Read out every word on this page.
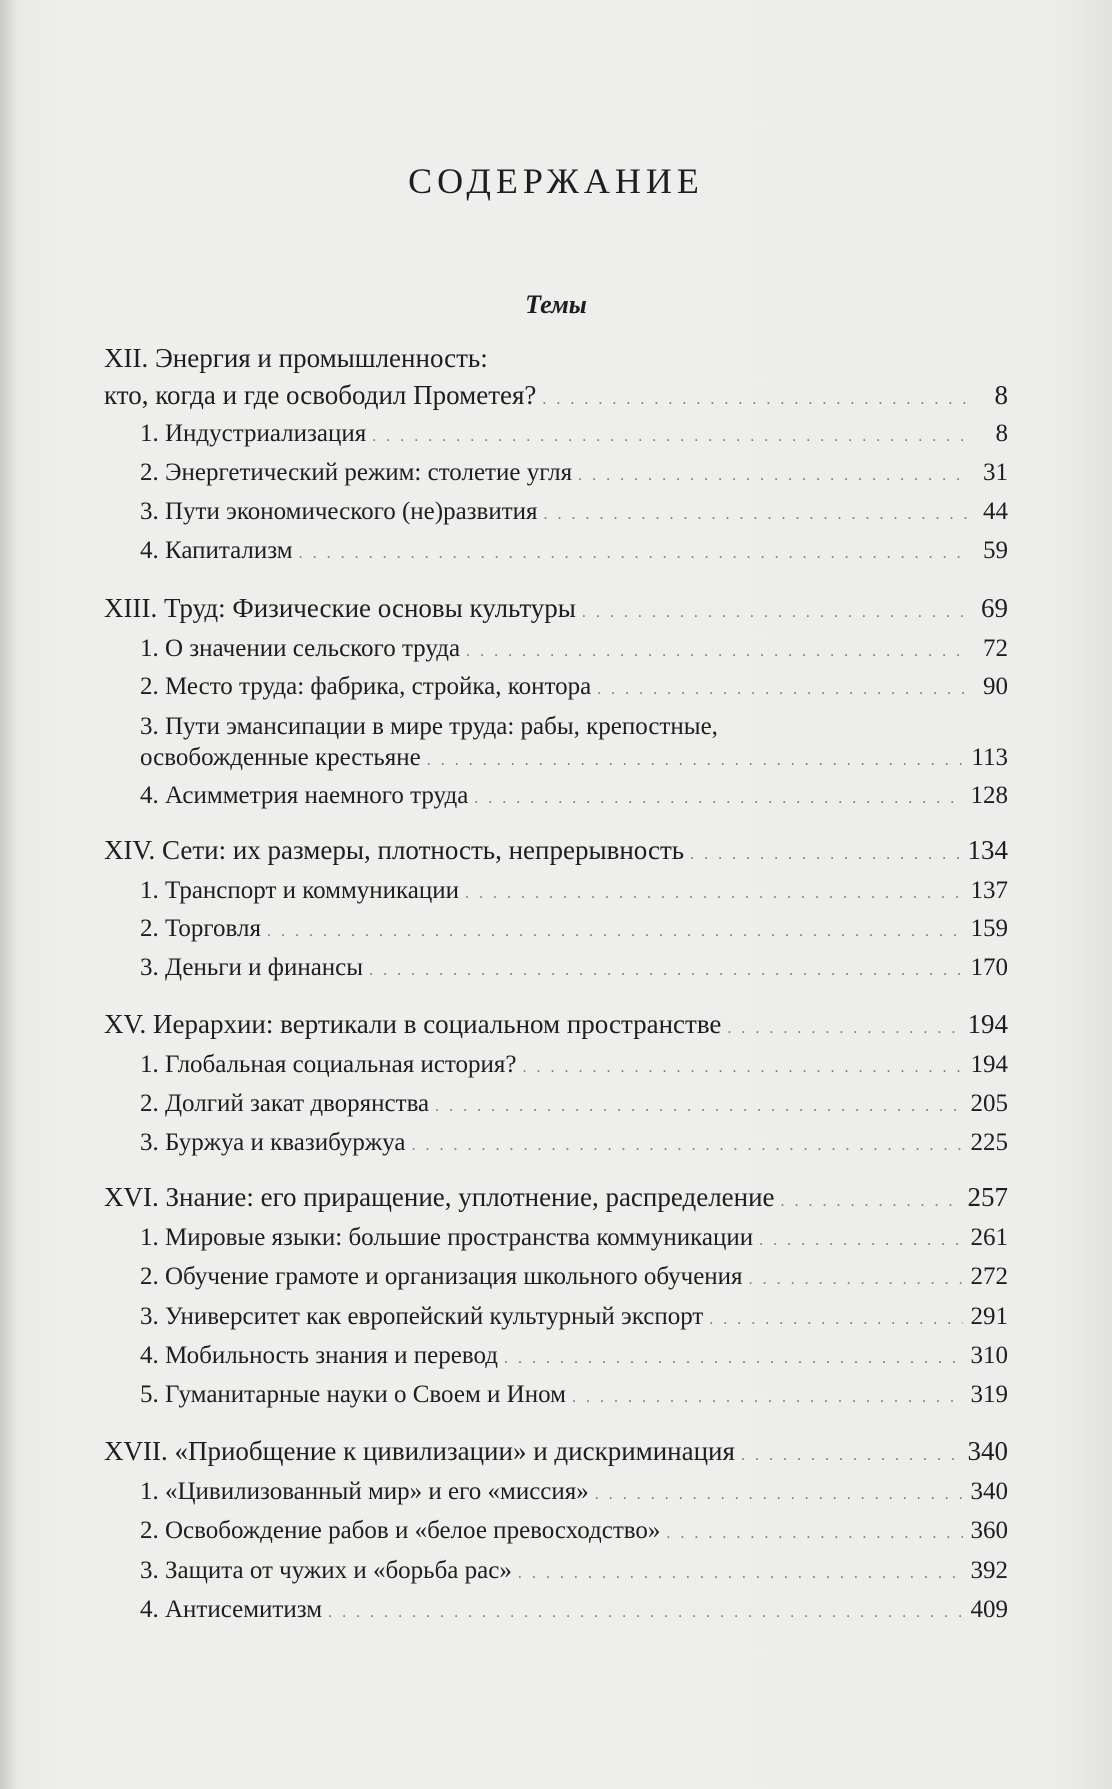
СОДЕРЖАНИЕ
Темы
XII. Энергия и промышленность:
кто, когда и где освободил Прометея? . . .	8
1. Индустриализация . . .	8
2. Энергетический режим: столетие угля . . .	31
3. Пути экономического (не)развития . . .	44
4. Капитализм . . .	59
XIII. Труд: Физические основы культуры . . .	69
1. О значении сельского труда . . .	72
2. Место труда: фабрика, стройка, контора . . .	90
3. Пути эмансипации в мире труда: рабы, крепостные,
освобожденные крестьяне . . .	113
4. Асимметрия наемного труда . . .	128
XIV. Сети: их размеры, плотность, непрерывность . . .	134
1. Транспорт и коммуникации . . .	137
2. Торговля . . .	159
3. Деньги и финансы . . .	170
XV. Иерархии: вертикали в социальном пространстве . . .	194
1. Глобальная социальная история? . . .	194
2. Долгий закат дворянства . . .	205
3. Буржуа и квазибуржуа . . .	225
XVI. Знание: его приращение, уплотнение, распределение . . .	257
1. Мировые языки: большие пространства коммуникации . . .	261
2. Обучение грамоте и организация школьного обучения . . .	272
3. Университет как европейский культурный экспорт . . .	291
4. Мобильность знания и перевод . . .	310
5. Гуманитарные науки о Своем и Ином . . .	319
XVII. «Приобщение к цивилизации» и дискриминация . . .	340
1. «Цивилизованный мир» и его «миссия» . . .	340
2. Освобождение рабов и «белое превосходство» . . .	360
3. Защита от чужих и «борьба рас» . . .	392
4. Антисемитизм . . .	409
